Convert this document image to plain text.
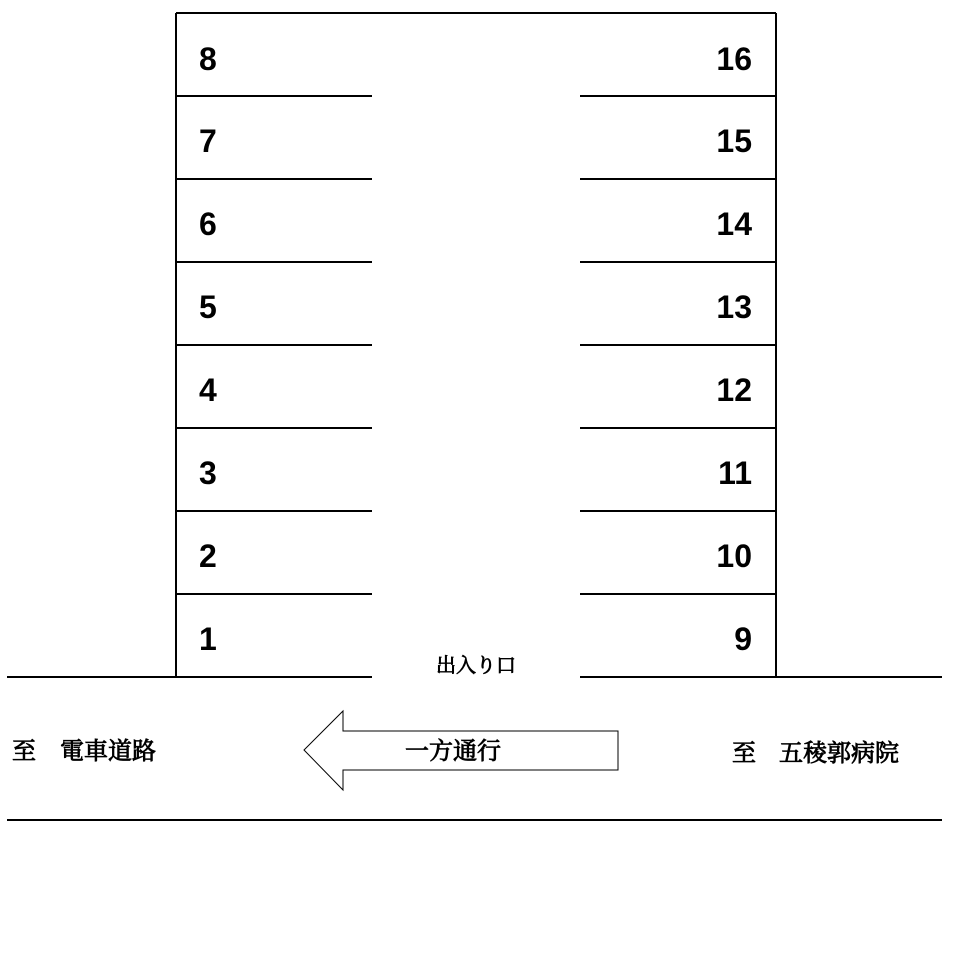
1
2
3
4
5
6
7
8
9
10
11
12
13
14
15
16
出入り口
一方通行
至 電車道路	至 五稜郭病院
